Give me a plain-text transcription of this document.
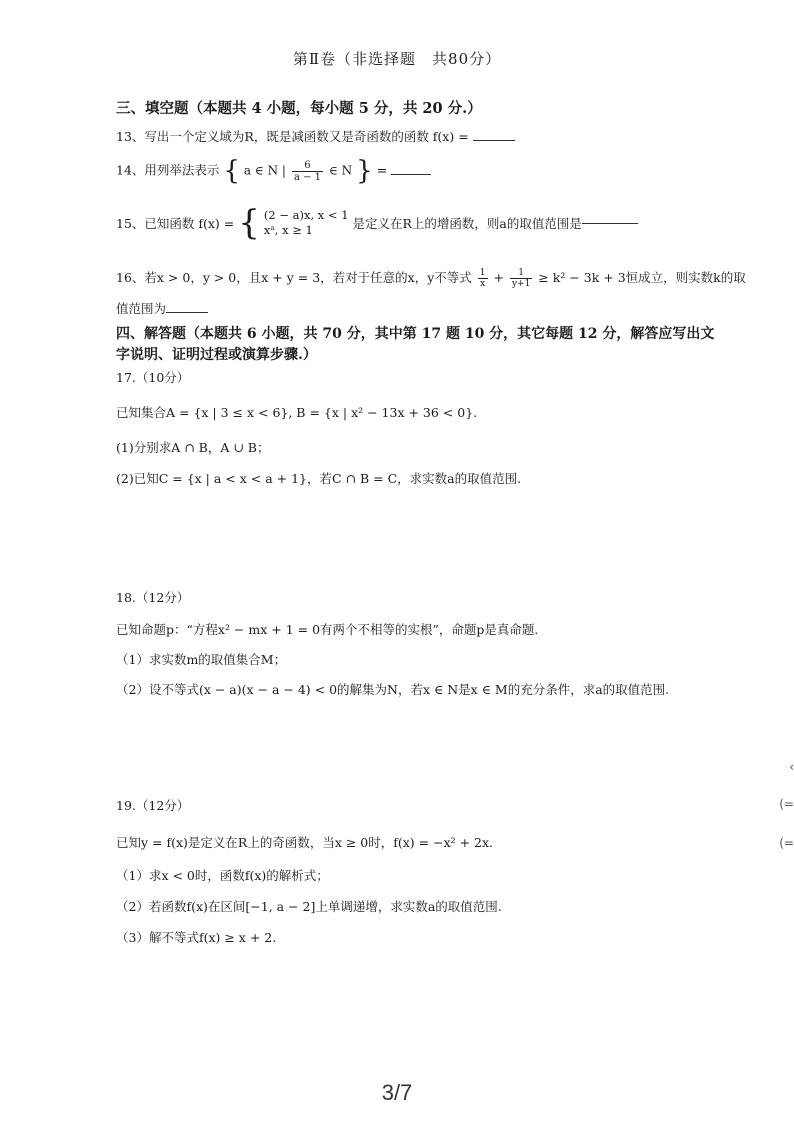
第Ⅱ卷（非选择题　共80分）
三、填空题（本题共 4 小题，每小题 5 分，共 20 分.）
13、写出一个定义域为R，既是减函数又是奇函数的函数 f(x) =
14、用列举法表示 { a ∈ N | $\frac{6}{a - 1}$ ∈ N } =
15、已知函数 f(x) = { (2 − a)x, x < 1
xᵃ, x ≥ 1	是定义在R上的增函数，则a的取值范围是
16、若x > 0，y > 0，且x + y = 3，若对于任意的x，y不等式 $\frac{1}{x} + \frac{1}{y+1} \ge k^2 - 3k + 3$恒成立，则实数k的取
值范围为
四、解答题（本题共 6 小题，共 70 分，其中第 17 题 10 分，其它每题 12 分，解答应写出文
字说明、证明过程或演算步骤.）
17.（10分）
已知集合A = {x | 3 ≤ x < 6}, B = {x | x² − 13x + 36 < 0}.
(1)分别求A ∩ B，A ∪ B；
(2)已知C = {x | a < x < a + 1}，若C ∩ B = C，求实数a的取值范围.
18.（12分）
已知命题p：“方程x² − mx + 1 = 0有两个不相等的实根”，命题p是真命题.
（1）求实数m的取值集合M；
（2）设不等式(x − a)(x − a − 4) < 0的解集为N，若x ∈ N是x ∈ M的充分条件，求a的取值范围.
19.（12分）
已知y = f(x)是定义在R上的奇函数，当x ≥ 0时，f(x) = −x² + 2x.
（1）求x < 0时，函数f(x)的解析式；
（2）若函数f(x)在区间[−1, a − 2]上单调递增，求实数a的取值范围.
（3）解不等式f(x) ≥ x + 2.
‹
(=
(=
3/7
